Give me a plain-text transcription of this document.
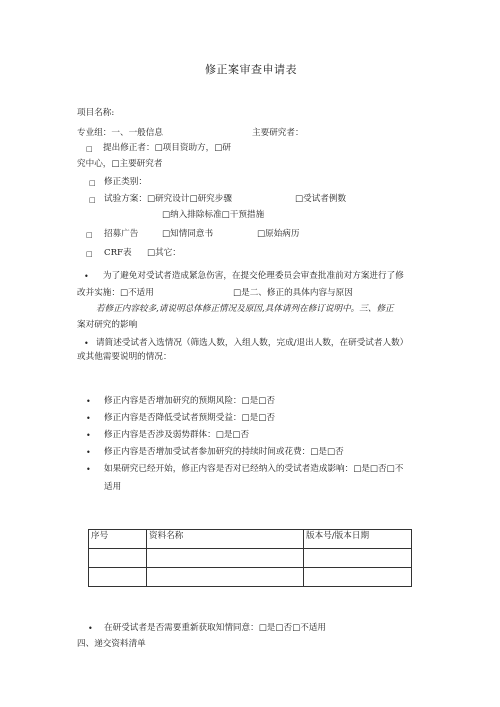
修正案审查申请表
项目名称:
专业组：一、一般信息	主要研究者：
□ 提出修正者：□项目资助方，□研
究中心，□主要研究者
□ 修正类别：
□ 试验方案：□研究设计□研究步骤	□受试者例数
□纳入排除标准□干预措施
□ 招募广告	□知情同意书	□原始病历
□ CRF表 □其它：
• 为了避免对受试者造成紧急伤害，在提交伦理委员会审查批准前对方案进行了修
改并实施：□不适用	□是二、修正的具体内容与原因
若修正内容较多,请说明总体修正情况及原因,具体请列在修订说明中。三、修正
案对研究的影响
• 请简述受试者入选情况（筛选人数，入组人数，完成/退出人数，在研受试者人数）
或其他需要说明的情况：
• 修正内容是否增加研究的预期风险：□是□否
• 修正内容是否降低受试者预期受益：□是□否
• 修正内容是否涉及弱势群体：□是□否
• 修正内容是否增加受试者参加研究的持续时间或花费：□是□否
• 如果研究已经开始，修正内容是否对已经纳入的受试者造成影响：□是□否□不
适用
序号	资料名称	版本号/版本日期

• 在研受试者是否需要重新获取知情同意：□是□否□不适用
四、递交资料清单
